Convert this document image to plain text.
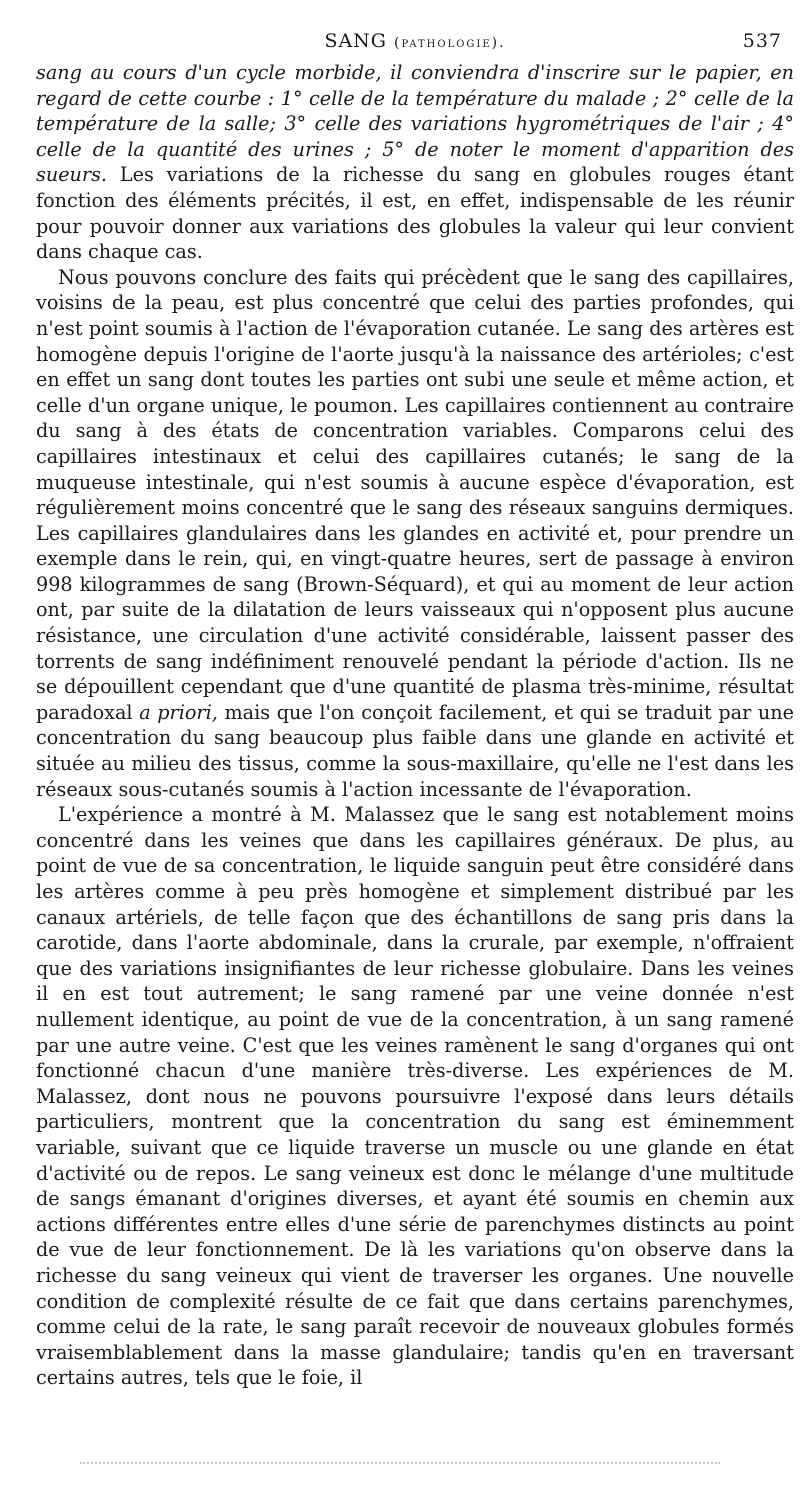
SANG (pathologie).	537

sang au cours d'un cycle morbide, il conviendra d'inscrire sur le papier, en regard de cette courbe : 1° celle de la température du malade ; 2° celle de la température de la salle; 3° celle des variations hygrométriques de l'air ; 4° celle de la quantité des urines ; 5° de noter le moment d'apparition des sueurs. Les variations de la richesse du sang en globules rouges étant fonction des éléments précités, il est, en effet, indispensable de les réunir pour pouvoir donner aux variations des globules la valeur qui leur convient dans chaque cas.

Nous pouvons conclure des faits qui précèdent que le sang des capillaires, voisins de la peau, est plus concentré que celui des parties profondes, qui n'est point soumis à l'action de l'évaporation cutanée. Le sang des artères est homogène depuis l'origine de l'aorte jusqu'à la naissance des artérioles; c'est en effet un sang dont toutes les parties ont subi une seule et même action, et celle d'un organe unique, le poumon. Les capillaires contiennent au contraire du sang à des états de concentration variables. Comparons celui des capillaires intestinaux et celui des capillaires cutanés; le sang de la muqueuse intestinale, qui n'est soumis à aucune espèce d'évaporation, est régulièrement moins concentré que le sang des réseaux sanguins dermiques. Les capillaires glandulaires dans les glandes en activité et, pour prendre un exemple dans le rein, qui, en vingt-quatre heures, sert de passage à environ 998 kilogrammes de sang (Brown-Séquard), et qui au moment de leur action ont, par suite de la dilatation de leurs vaisseaux qui n'opposent plus aucune résistance, une circulation d'une activité considérable, laissent passer des torrents de sang indéfiniment renouvelé pendant la période d'action. Ils ne se dépouillent cependant que d'une quantité de plasma très-minime, résultat paradoxal a priori, mais que l'on conçoit facilement, et qui se traduit par une concentration du sang beaucoup plus faible dans une glande en activité et située au milieu des tissus, comme la sous-maxillaire, qu'elle ne l'est dans les réseaux sous-cutanés soumis à l'action incessante de l'évaporation.

L'expérience a montré à M. Malassez que le sang est notablement moins concentré dans les veines que dans les capillaires généraux. De plus, au point de vue de sa concentration, le liquide sanguin peut être considéré dans les artères comme à peu près homogène et simplement distribué par les canaux artériels, de telle façon que des échantillons de sang pris dans la carotide, dans l'aorte abdominale, dans la crurale, par exemple, n'offraient que des variations insignifiantes de leur richesse globulaire. Dans les veines il en est tout autrement; le sang ramené par une veine donnée n'est nullement identique, au point de vue de la concentration, à un sang ramené par une autre veine. C'est que les veines ramènent le sang d'organes qui ont fonctionné chacun d'une manière très-diverse. Les expériences de M. Malassez, dont nous ne pouvons poursuivre l'exposé dans leurs détails particuliers, montrent que la concentration du sang est éminemment variable, suivant que ce liquide traverse un muscle ou une glande en état d'activité ou de repos. Le sang veineux est donc le mélange d'une multitude de sangs émanant d'origines diverses, et ayant été soumis en chemin aux actions différentes entre elles d'une série de parenchymes distincts au point de vue de leur fonctionnement. De là les variations qu'on observe dans la richesse du sang veineux qui vient de traverser les organes. Une nouvelle condition de complexité résulte de ce fait que dans certains parenchymes, comme celui de la rate, le sang paraît recevoir de nouveaux globules formés vraisemblablement dans la masse glandulaire; tandis qu'en en traversant certains autres, tels que le foie, il
